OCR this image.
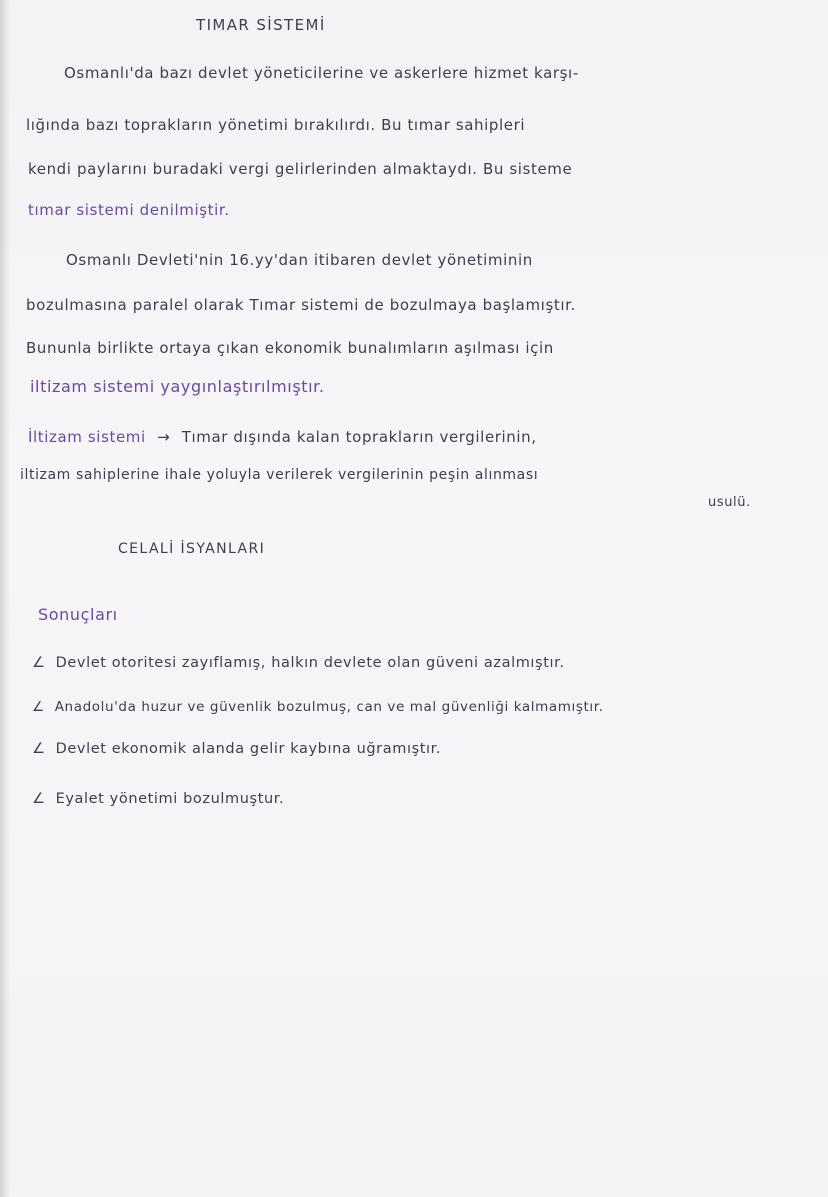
TIMAR SİSTEMİ
Osmanlı'da bazı devlet yöneticilerine ve askerlere hizmet karşı-
lığında bazı toprakların yönetimi bırakılırdı. Bu tımar sahipleri
kendi paylarını buradaki vergi gelirlerinden almaktaydı. Bu sisteme
tımar sistemi denilmiştir.
Osmanlı Devleti'nin 16.yy'dan itibaren devlet yönetiminin
bozulmasına paralel olarak Tımar sistemi de bozulmaya başlamıştır.
Bununla birlikte ortaya çıkan ekonomik bunalımların aşılması için
iltizam sistemi yaygınlaştırılmıştır.
İltizam sistemi → Tımar dışında kalan toprakların vergilerinin,
iltizam sahiplerine ihale yoluyla verilerek vergilerinin peşin alınması
usulü.
CELALİ İSYANLARI
Sonuçları
∠ Devlet otoritesi zayıflamış, halkın devlete olan güveni azalmıştır.
∠ Anadolu'da huzur ve güvenlik bozulmuş, can ve mal güvenliği kalmamıştır.
∠ Devlet ekonomik alanda gelir kaybına uğramıştır.
∠ Eyalet yönetimi bozulmuştur.
